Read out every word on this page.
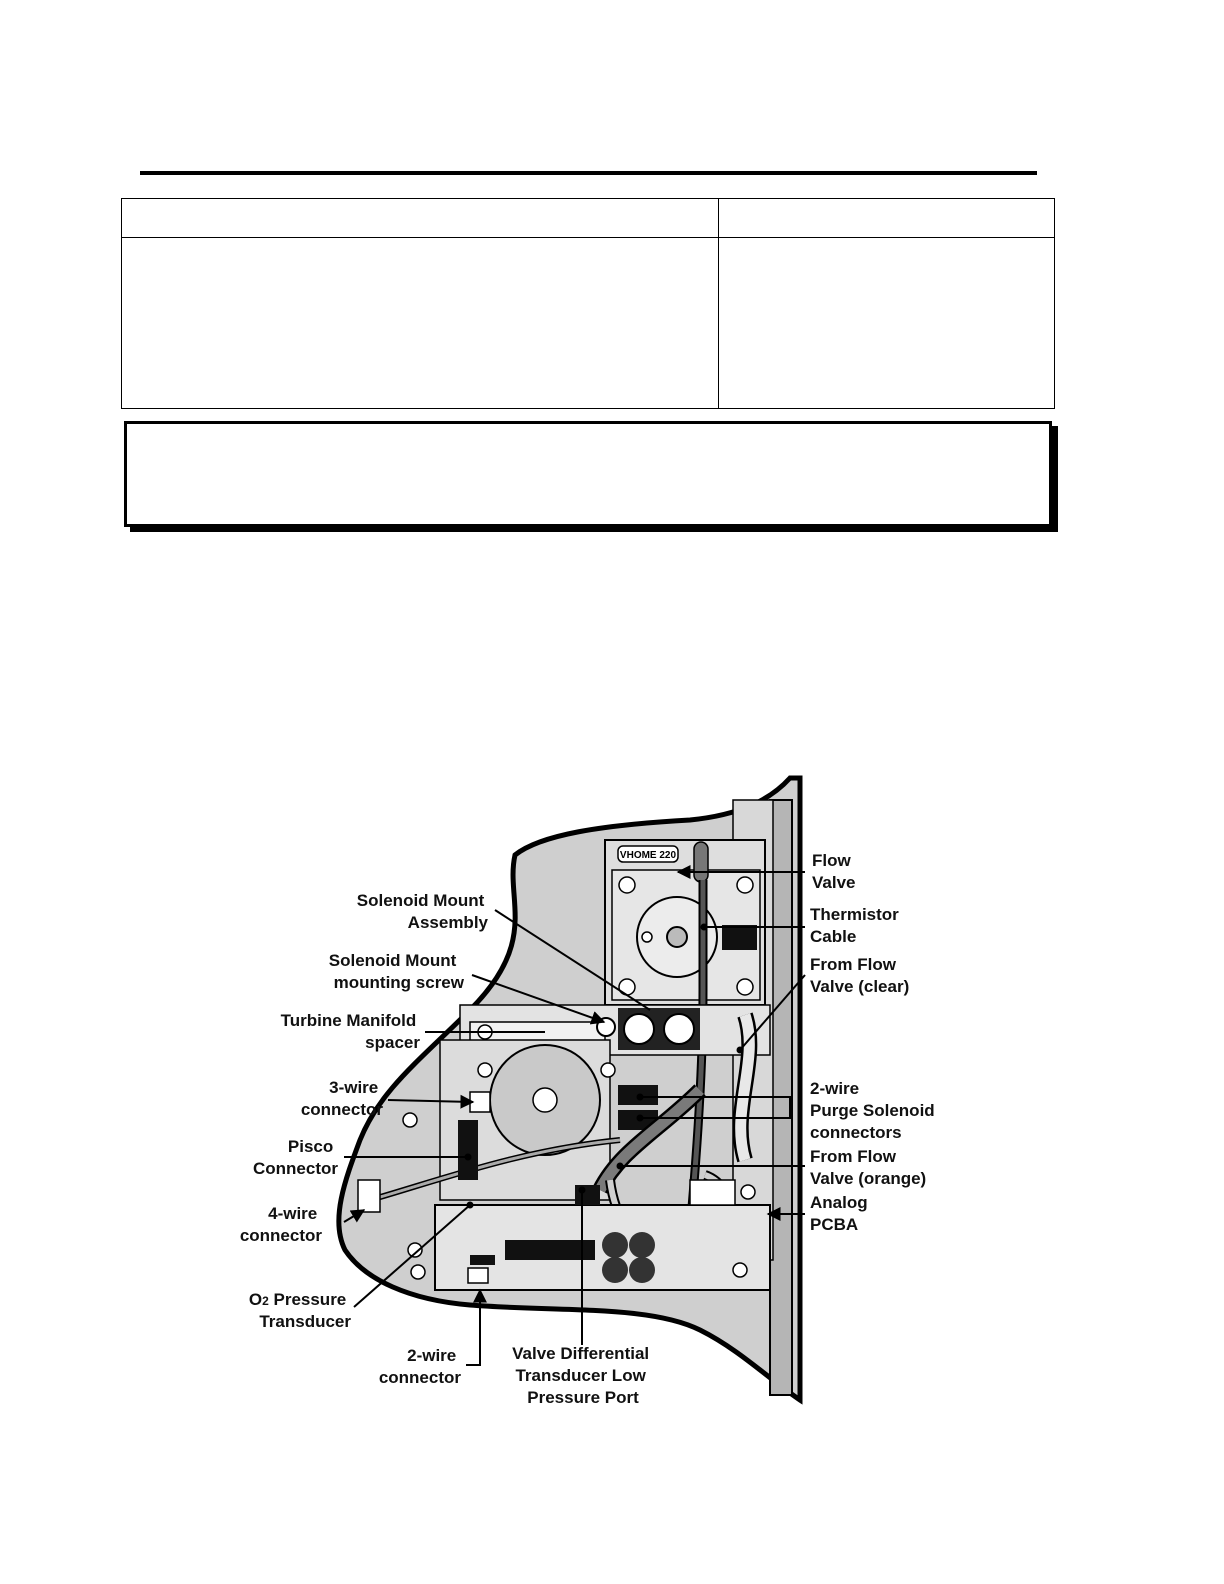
VHOME 220	Flow Valve
Thermistor Cable
From Flow Valve (clear)
2-wire Purge Solenoid connectors
From Flow Valve (orange)
Analog PCBA
Solenoid Mount Assembly
Solenoid Mount mounting screw
Turbine Manifold spacer
3-wire connector
Pisco Connector
4-wire connector
O2 Pressure Transducer
2-wire connector
Valve Differential Transducer Low Pressure Port
